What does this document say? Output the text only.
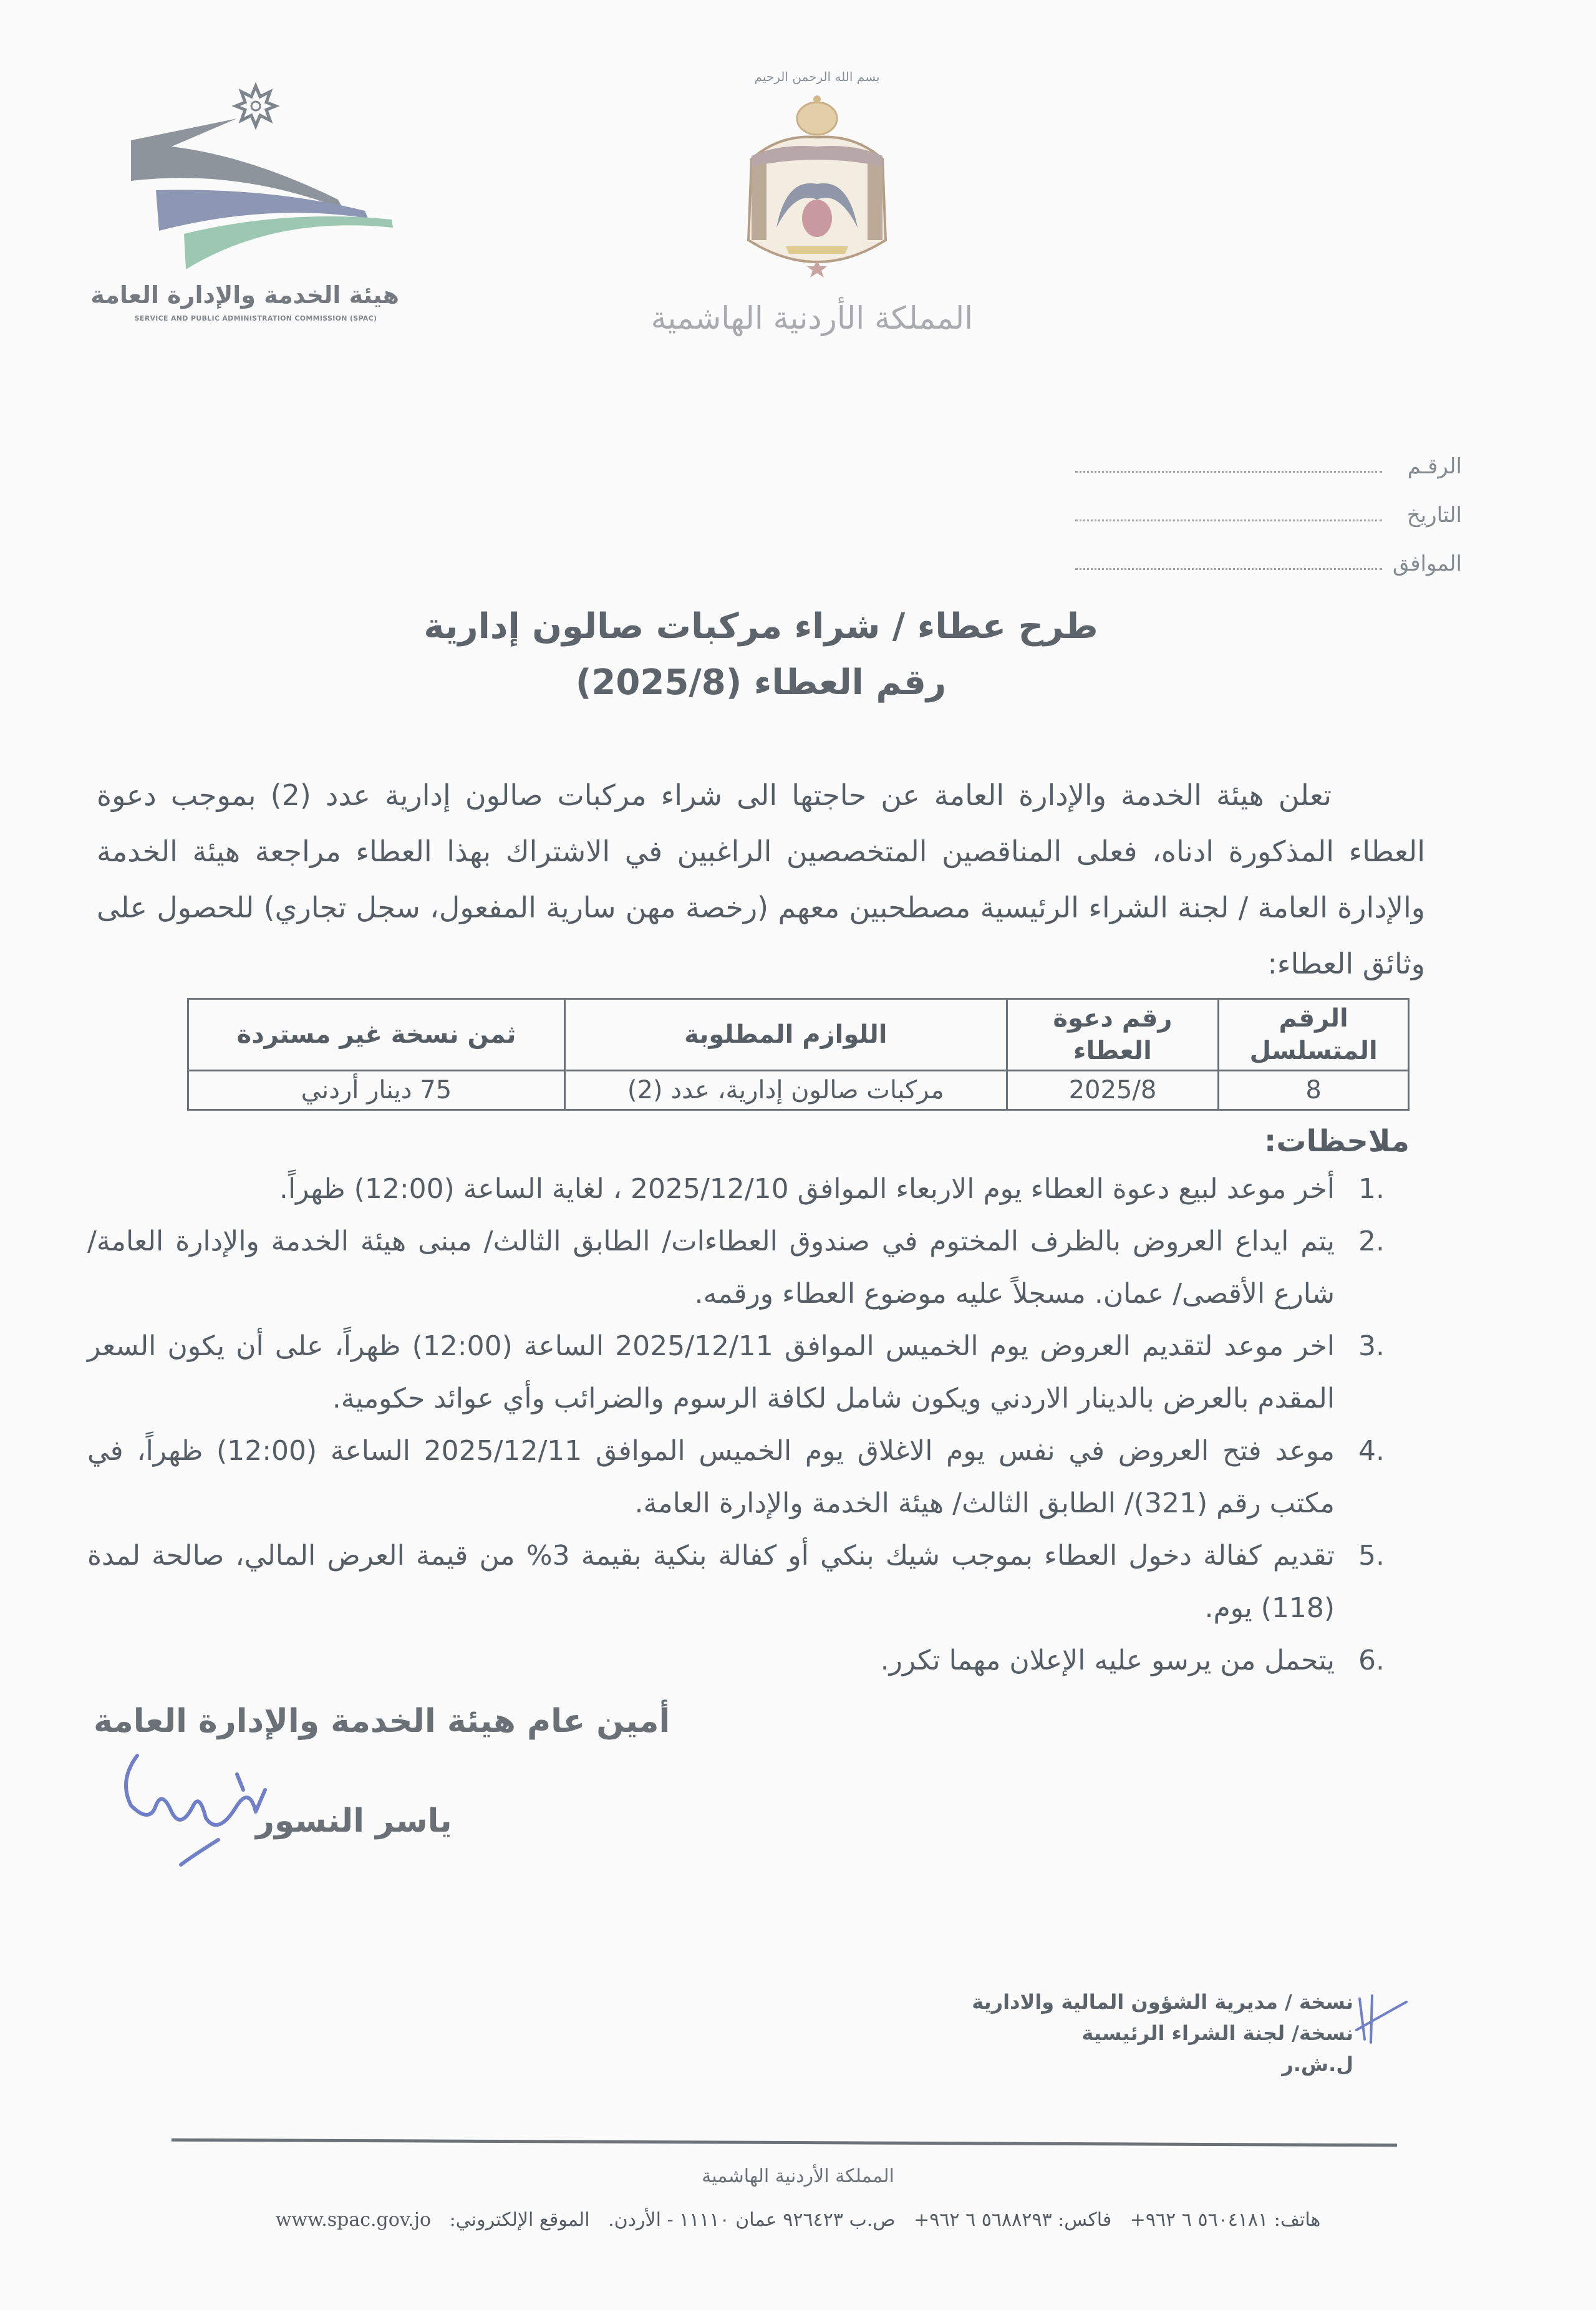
هيئة الخدمة والإدارة العامة
SERVICE AND PUBLIC ADMINISTRATION COMMISSION (SPAC)
بسم الله الرحمن الرحيم
المملكة الأردنية الهاشمية
الرقـم
التاريخ
الموافق

طرح عطاء / شراء مركبات صالون إدارية

رقم العطاء (2025/8)

تعلن هيئة الخدمة والإدارة العامة عن حاجتها الى شراء مركبات صالون إدارية عدد (2) بموجب دعوة العطاء المذكورة ادناه، فعلى المناقصين المتخصصين الراغبين في الاشتراك بهذا العطاء مراجعة هيئة الخدمة والإدارة العامة / لجنة الشراء الرئيسية مصطحبين معهم (رخصة مهن سارية المفعول، سجل تجاري) للحصول على وثائق العطاء:

الرقم المتسلسل	رقم دعوة العطاء	اللوازم المطلوبة	ثمن نسخة غير مستردة
8	2025/8	مركبات صالون إدارية، عدد (2)	75 دينار أردني
ملاحظات:
.1
أخر موعد لبيع دعوة العطاء يوم الاربعاء الموافق 2025/12/10 ، لغاية الساعة (12:00) ظهراً.
.2
يتم ايداع العروض بالظرف المختوم في صندوق العطاءات/ الطابق الثالث/ مبنى هيئة الخدمة والإدارة العامة/ شارع الأقصى/ عمان. مسجلاً عليه موضوع العطاء ورقمه.
.3
اخر موعد لتقديم العروض يوم الخميس الموافق 2025/12/11 الساعة (12:00) ظهراً، على أن يكون السعر المقدم بالعرض بالدينار الاردني ويكون شامل لكافة الرسوم والضرائب وأي عوائد حكومية.
.4
موعد فتح العروض في نفس يوم الاغلاق يوم الخميس الموافق 2025/12/11 الساعة (12:00) ظهراً، في مكتب رقم (321)/ الطابق الثالث/ هيئة الخدمة والإدارة العامة.
.5
تقديم كفالة دخول العطاء بموجب شيك بنكي أو كفالة بنكية بقيمة 3% من قيمة العرض المالي، صالحة لمدة (118) يوم.
.6
يتحمل من يرسو عليه الإعلان مهما تكرر.
أمين عام هيئة الخدمة والإدارة العامة
ياسر النسور
نسخة / مديرية الشؤون المالية والادارية
نسخة/ لجنة الشراء الرئيسية
ل.ش.ر
المملكة الأردنية الهاشمية
هاتف: ٥٦٠٤١٨١ ٦ ٩٦٢+ فاكس: ٥٦٨٨٢٩٣ ٦ ٩٦٢+ ص.ب ٩٢٦٤٢٣ عمان ١١١١٠ - الأردن. الموقع الإلكتروني: www.spac.gov.jo
